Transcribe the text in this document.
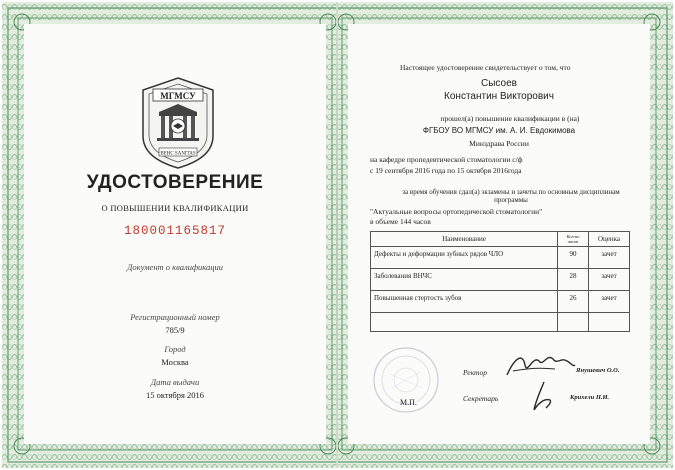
МГМСУ
ВЕНС SANITAS
УДОСТОВЕРЕНИЕ
О ПОВЫШЕНИИ КВАЛИФИКАЦИИ
180001165817
Документ о квалификации
Регистрационный номер
785/9
Город
Москва
Дата выдачи
15 октября 2016
Настоящее удостоверение свидетельствует о том, что
Сысоев
Константин Викторович
прошел(а) повышение квалификации в (на)
ФГБОУ ВО МГМСУ им. А. И. Евдокимова
Минздрава России
на кафедре пропедевтической стоматологии с/ф
с 19 сентября 2016 года по 15 октября 2016года
за время обучения сдал(а) экзамены и зачеты по основным дисциплинам
программы
"Актуальные вопросы ортопедической стоматологии"
в объеме 144 часов
Наименование	Кол-во часов	Оценка
Дефекты и деформации зубных рядов ЧЛО	90	зачет
Заболевания ВНЧС	28	зачет
Повышенная стертость зубов	26	зачет

М.П.
Ректор	Янушевич О.О.
Секретарь	Крихели Н.И.
